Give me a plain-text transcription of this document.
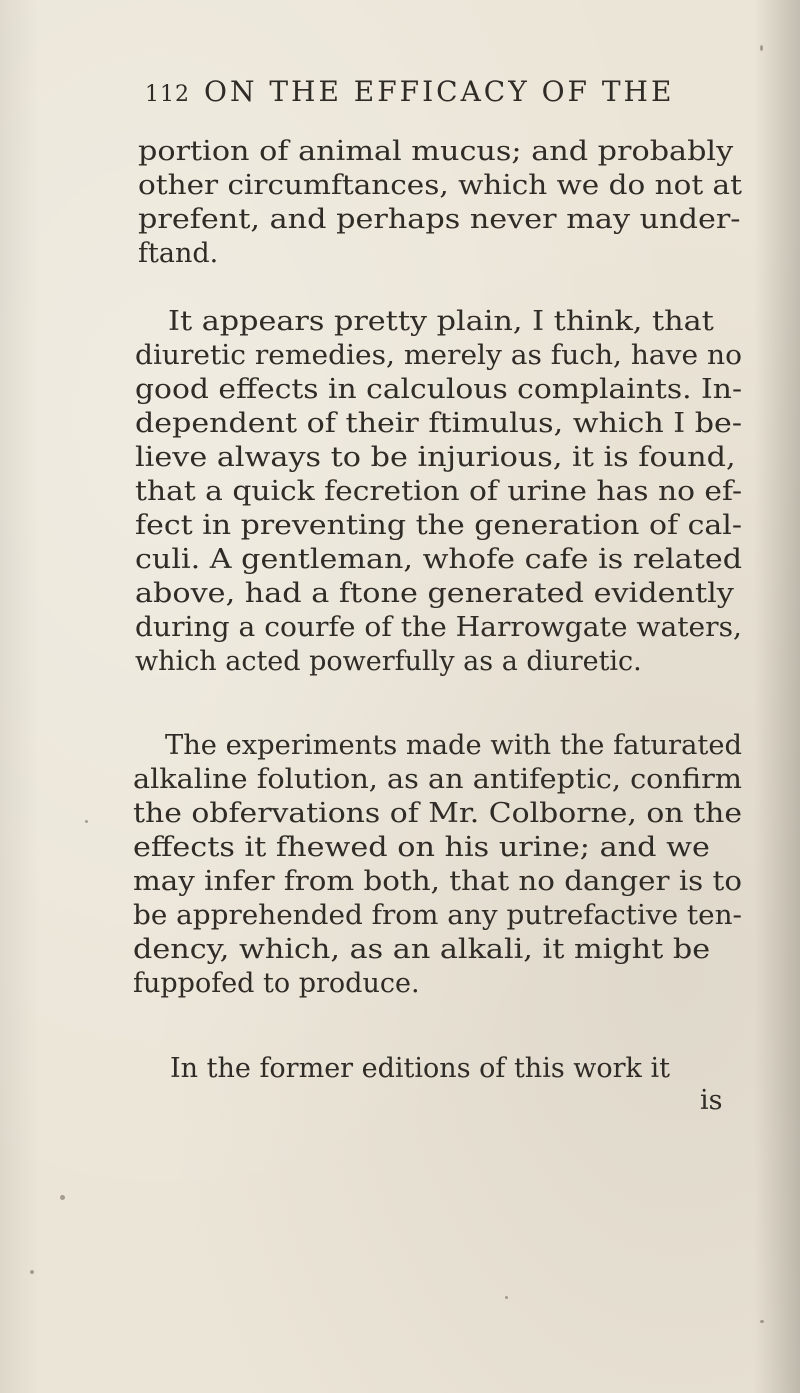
112 ON THE EFFICACY OF THE
portion of animal mucus; and probably
other circumftances, which we do not at
prefent, and perhaps never may under-
ftand.
It appears pretty plain, I think, that
diuretic remedies, merely as fuch, have no
good effects in calculous complaints. In-
dependent of their ftimulus, which I be-
lieve always to be injurious, it is found,
that a quick fecretion of urine has no ef-
fect in preventing the generation of cal-
culi. A gentleman, whofe cafe is related
above, had a ftone generated evidently
during a courfe of the Harrowgate waters,
which acted powerfully as a diuretic.
The experiments made with the faturated
alkaline folution, as an antifeptic, confirm
the obfervations of Mr. Colborne, on the
effects it fhewed on his urine; and we
may infer from both, that no danger is to
be apprehended from any putrefactive ten-
dency, which, as an alkali, it might be
fuppofed to produce.
In the former editions of this work it
is
